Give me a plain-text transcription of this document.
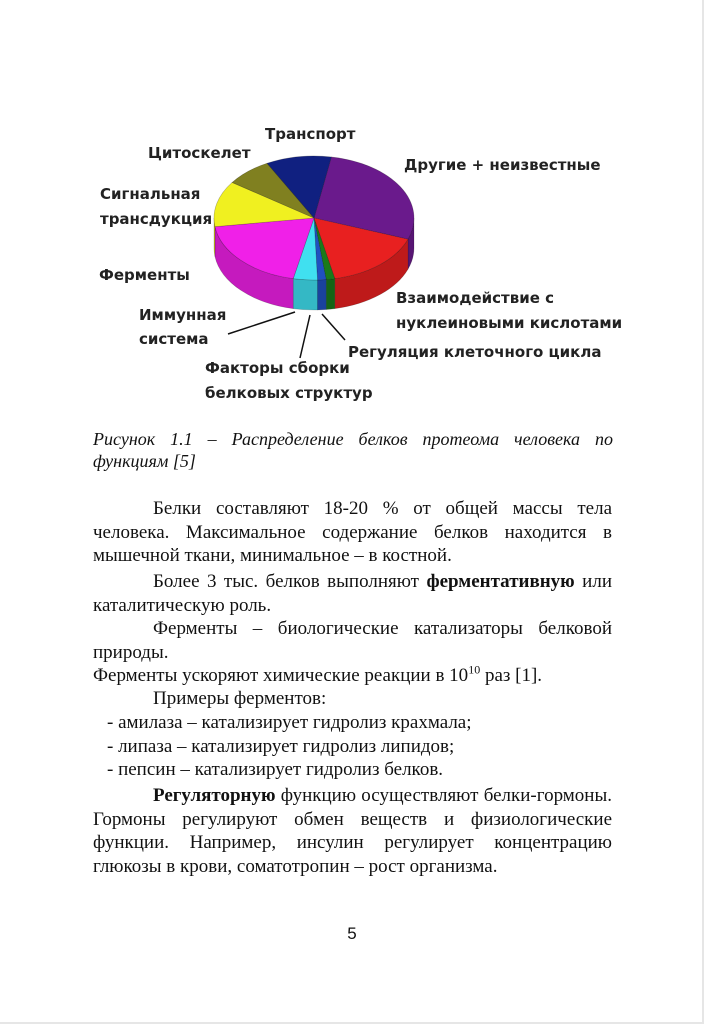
Транспорт
Цитоскелет
Другие + неизвестные
Сигнальная
трансдукция
Ферменты
Взаимодействие с
нуклеиновыми кислотами
Иммунная
система
Регуляция клеточного цикла
Факторы сборки
белковых структур
Рисунок 1.1 – Распределение белков протеома человека по функциям [5]
Белки составляют 18-20 % от общей массы тела человека. Максимальное содержание белков находится в мышечной ткани, минимальное – в костной.
Более 3 тыс. белков выполняют ферментативную или каталитическую роль.
Ферменты – биологические катализаторы белковой природы.
Ферменты ускоряют химические реакции в $10^{10}$ раз [1].
Примеры ферментов:
- амилаза – катализирует гидролиз крахмала;
- липаза – катализирует гидролиз липидов;
- пепсин – катализирует гидролиз белков.
Регуляторную функцию осуществляют белки-гормоны. Гормоны регулируют обмен веществ и физиологические функции. Например, инсулин регулирует концентрацию глюкозы в крови, соматотропин – рост организма.
5
